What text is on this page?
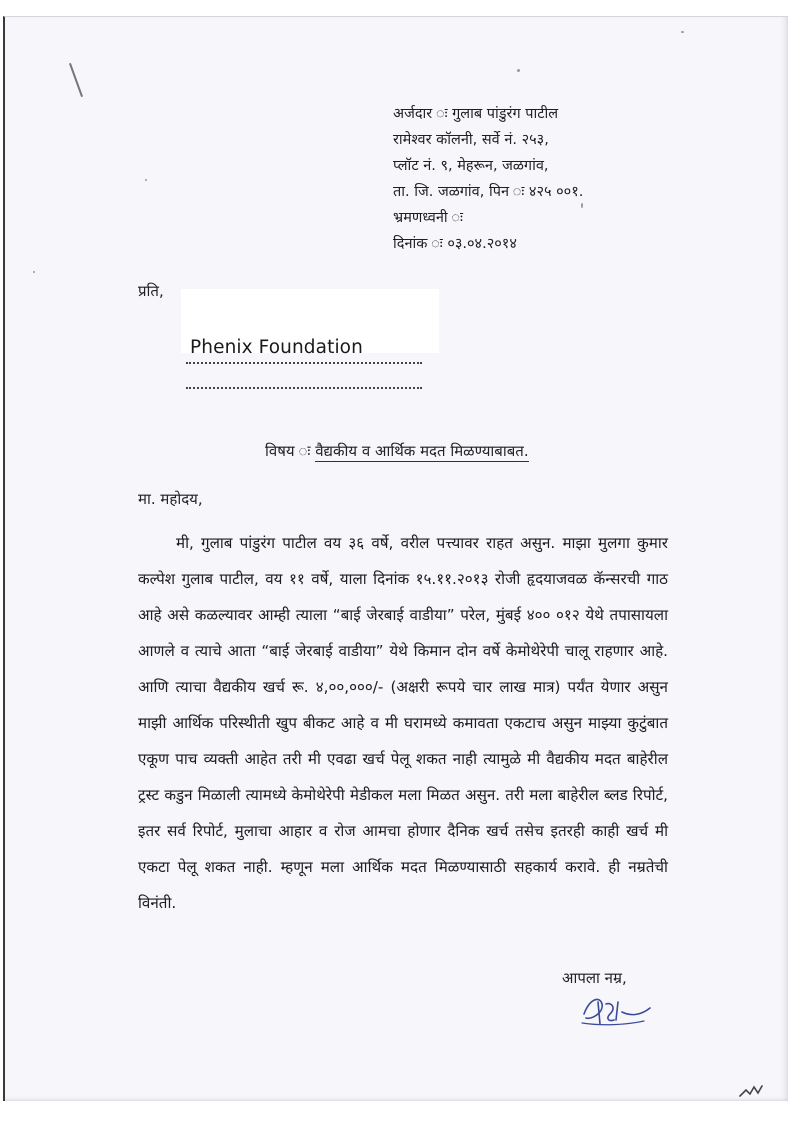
अर्जदार ः गुलाब पांडुरंग पाटील
रामेश्वर कॉलनी, सर्वे नं. २५३,
प्लॉट नं. ९, मेहरून, जळगांव,
ता. जि. जळगांव, पिन ः ४२५ ००१.
भ्रमणध्वनी ः
दिनांक ः ०३.०४.२०१४
प्रति,
Phenix Foundation
विषय ः वैद्यकीय व आर्थिक मदत मिळण्याबाबत.
मा. महोदय,
मी, गुलाब पांडुरंग पाटील वय ३६ वर्षे, वरील पत्त्यावर राहत असुन. माझा मुलगा कुमार कल्पेश गुलाब पाटील, वय ११ वर्षे, याला दिनांक १५.११.२०१३ रोजी हृदयाजवळ कॅन्सरची गाठ आहे असे कळल्यावर आम्ही त्याला “बाई जेरबाई वाडीया” परेल, मुंबई ४०० ०१२ येथे तपासायला आणले व त्याचे आता “बाई जेरबाई वाडीया” येथे किमान दोन वर्षे केमोथेरेपी चालू राहणार आहे. आणि त्याचा वैद्यकीय खर्च रू. ४,००,०००/- (अक्षरी रूपये चार लाख मात्र) पर्यंत येणार असुन माझी आर्थिक परिस्थीती खुप बीकट आहे व मी घरामध्ये कमावता एकटाच असुन माझ्या कुटुंबात एकूण पाच व्यक्ती आहेत तरी मी एवढा खर्च पेलू शकत नाही त्यामुळे मी वैद्यकीय मदत बाहेरील ट्रस्ट कडुन मिळाली त्यामध्ये केमोथेरेपी मेडीकल मला मिळत असुन. तरी मला बाहेरील ब्लड रिपोर्ट, इतर सर्व रिपोर्ट, मुलाचा आहार व रोज आमचा होणार दैनिक खर्च तसेच इतरही काही खर्च मी एकटा पेलू शकत नाही. म्हणून मला आर्थिक मदत मिळण्यासाठी सहकार्य करावे. ही नम्रतेची विनंती.
आपला नम्र,
